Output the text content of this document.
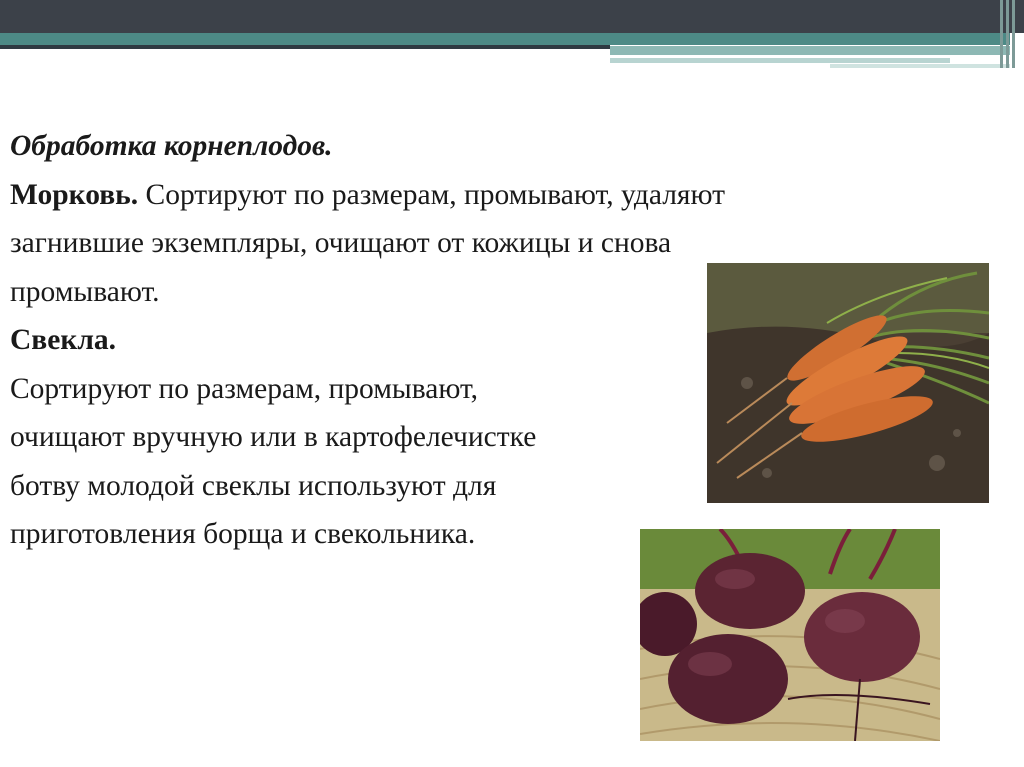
Обработка корнеплодов.
Морковь. Сортируют по размерам, промывают, удаляют
загнившие экземпляры, очищают от кожицы и снова
промывают.
Свекла.
Сортируют по размерам, промывают,
очищают вручную или в картофелечистке
ботву молодой свеклы используют для
приготовления борща и свекольника.
